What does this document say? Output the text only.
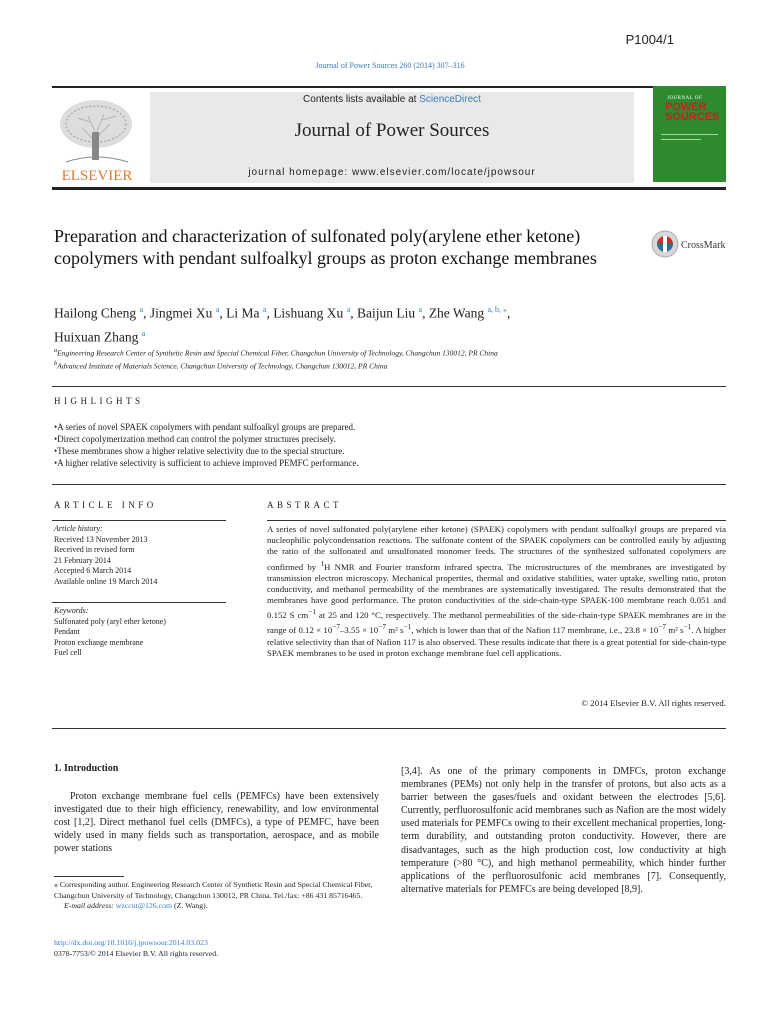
P1004/1
Journal of Power Sources 260 (2014) 307–316
ELSEVIER
Contents lists available at ScienceDirect
Journal of Power Sources
journal homepage: www.elsevier.com/locate/jpowsour
JOURNAL OF
POWER
SOURCES
Preparation and characterization of sulfonated poly(arylene ether ketone) copolymers with pendant sulfoalkyl groups as proton exchange membranes
CrossMark
Hailong Cheng $^a$, Jingmei Xu $^a$, Li Ma $^a$, Lishuang Xu $^a$, Baijun Liu $^a$, Zhe Wang $^{a, b, ⁎}$,
Huixuan Zhang $^a$
$^a$Engineering Research Center of Synthetic Resin and Special Chemical Fiber, Changchun University of Technology, Changchun 130012, PR China
$^b$Advanced Institute of Materials Science, Changchun University of Technology, Changchun 130012, PR China
HIGHLIGHTS
• A series of novel SPAEK copolymers with pendant sulfoalkyl groups are prepared.
• Direct copolymerization method can control the polymer structures precisely.
• These membranes show a higher relative selectivity due to the special structure.
• A higher relative selectivity is sufficient to achieve improved PEMFC performance.
ARTICLE INFO	ABSTRACT
Article history:
Received 13 November 2013
Received in revised form
21 February 2014
Accepted 6 March 2014
Available online 19 March 2014
Keywords:
Sulfonated poly (aryl ether ketone)
Pendant
Proton exchange membrane
Fuel cell
A series of novel sulfonated poly(arylene ether ketone) (SPAEK) copolymers with pendant sulfoalkyl groups are prepared via nucleophilic polycondensation reactions. The sulfonate content of the SPAEK copolymers can be controlled easily by adjusting the ratio of the sulfonated and unsulfonated monomer feeds. The structures of the synthesized sulfonated copolymers are confirmed by $^1$H NMR and Fourier transform infrared spectra. The microstructures of the membranes are investigated by transmission electron microscopy. Mechanical properties, thermal and oxidative stabilities, water uptake, swelling ratio, proton conductivity, and methanol permeability of the membranes are systematically investigated. The results demonstrated that the membranes have good performance. The proton conductivities of the side-chain-type SPAEK-100 membrane reach 0.051 and 0.152 S $cm^{-1}$ at 25 and 120 °C, respectively. The methanol permeabilities of the side-chain-type SPAEK membranes are in the range of $0.12 \times 10^{-7}-3.55 \times 10^{-7}$ m² $s^{-1}$, which is lower than that of the Nafion 117 membrane, i.e., $23.8 \times 10^{-7}$ m² $s^{-1}$. A higher relative selectivity than that of Nafion 117 is also observed. These results indicate that there is a great potential for side-chain-type SPAEK membranes to be used in proton exchange membrane fuel cell applications.
© 2014 Elsevier B.V. All rights reserved.
1. Introduction
Proton exchange membrane fuel cells (PEMFCs) have been extensively investigated due to their high efficiency, renewability, and low environmental cost [1,2]. Direct methanol fuel cells (DMFCs), a type of PEMFC, have been widely used in many fields such as transportation, aerospace, and as mobile power stations
[3,4]. As one of the primary components in DMFCs, proton exchange membranes (PEMs) not only help in the transfer of protons, but also acts as a barrier between the gases/fuels and oxidant between the electrodes [5,6]. Currently, perfluorosulfonic acid membranes such as Nafion are the most widely used materials for PEMFCs owing to their excellent mechanical properties, long-term durability, and outstanding proton conductivity. However, there are disadvantages, such as the high production cost, low conductivity at high temperature (>80 °C), and high methanol permeability, which hinder further applications of the perfluorosulfonic acid membranes [7]. Consequently, alternative materials for PEMFCs are being developed [8,9].
⁎ Corresponding author. Engineering Research Center of Synthetic Resin and Special Chemical Fiber, Changchun University of Technology, Changchun 130012, PR China. Tel./fax: +86 431 85716465.
E-mail address: wzccut@126.com (Z. Wang).
http://dx.doi.org/10.1016/j.jpowsour.2014.03.023
0378-7753/© 2014 Elsevier B.V. All rights reserved.
